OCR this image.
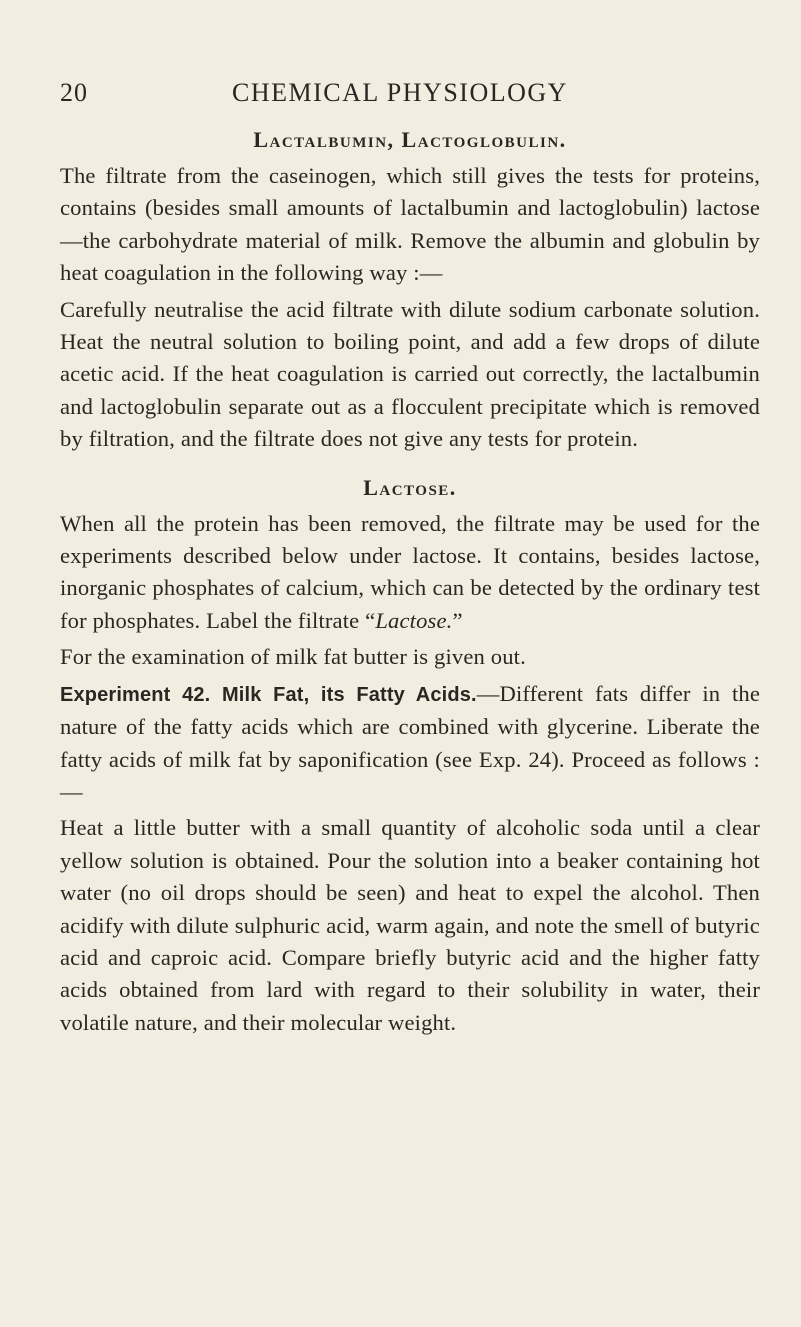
20	CHEMICAL PHYSIOLOGY
Lactalbumin, Lactoglobulin.

The filtrate from the caseinogen, which still gives the tests for proteins, contains (besides small amounts of lactalbumin and lactoglobulin) lactose—the carbohydrate material of milk. Remove the albumin and globulin by heat coagulation in the following way :—

Carefully neutralise the acid filtrate with dilute sodium carbonate solution. Heat the neutral solution to boiling point, and add a few drops of dilute acetic acid. If the heat coagulation is carried out correctly, the lactalbumin and lactoglobulin separate out as a flocculent precipitate which is removed by filtration, and the filtrate does not give any tests for protein.

Lactose.

When all the protein has been removed, the filtrate may be used for the experiments described below under lactose. It contains, besides lactose, inorganic phosphates of calcium, which can be detected by the ordinary test for phosphates. Label the filtrate “Lactose.”

For the examination of milk fat butter is given out.

Experiment 42. Milk Fat, its Fatty Acids.—Different fats differ in the nature of the fatty acids which are combined with glycerine. Liberate the fatty acids of milk fat by saponification (see Exp. 24). Proceed as follows :—

Heat a little butter with a small quantity of alcoholic soda until a clear yellow solution is obtained. Pour the solution into a beaker containing hot water (no oil drops should be seen) and heat to expel the alcohol. Then acidify with dilute sulphuric acid, warm again, and note the smell of butyric acid and caproic acid. Compare briefly butyric acid and the higher fatty acids obtained from lard with regard to their solubility in water, their volatile nature, and their molecular weight.
